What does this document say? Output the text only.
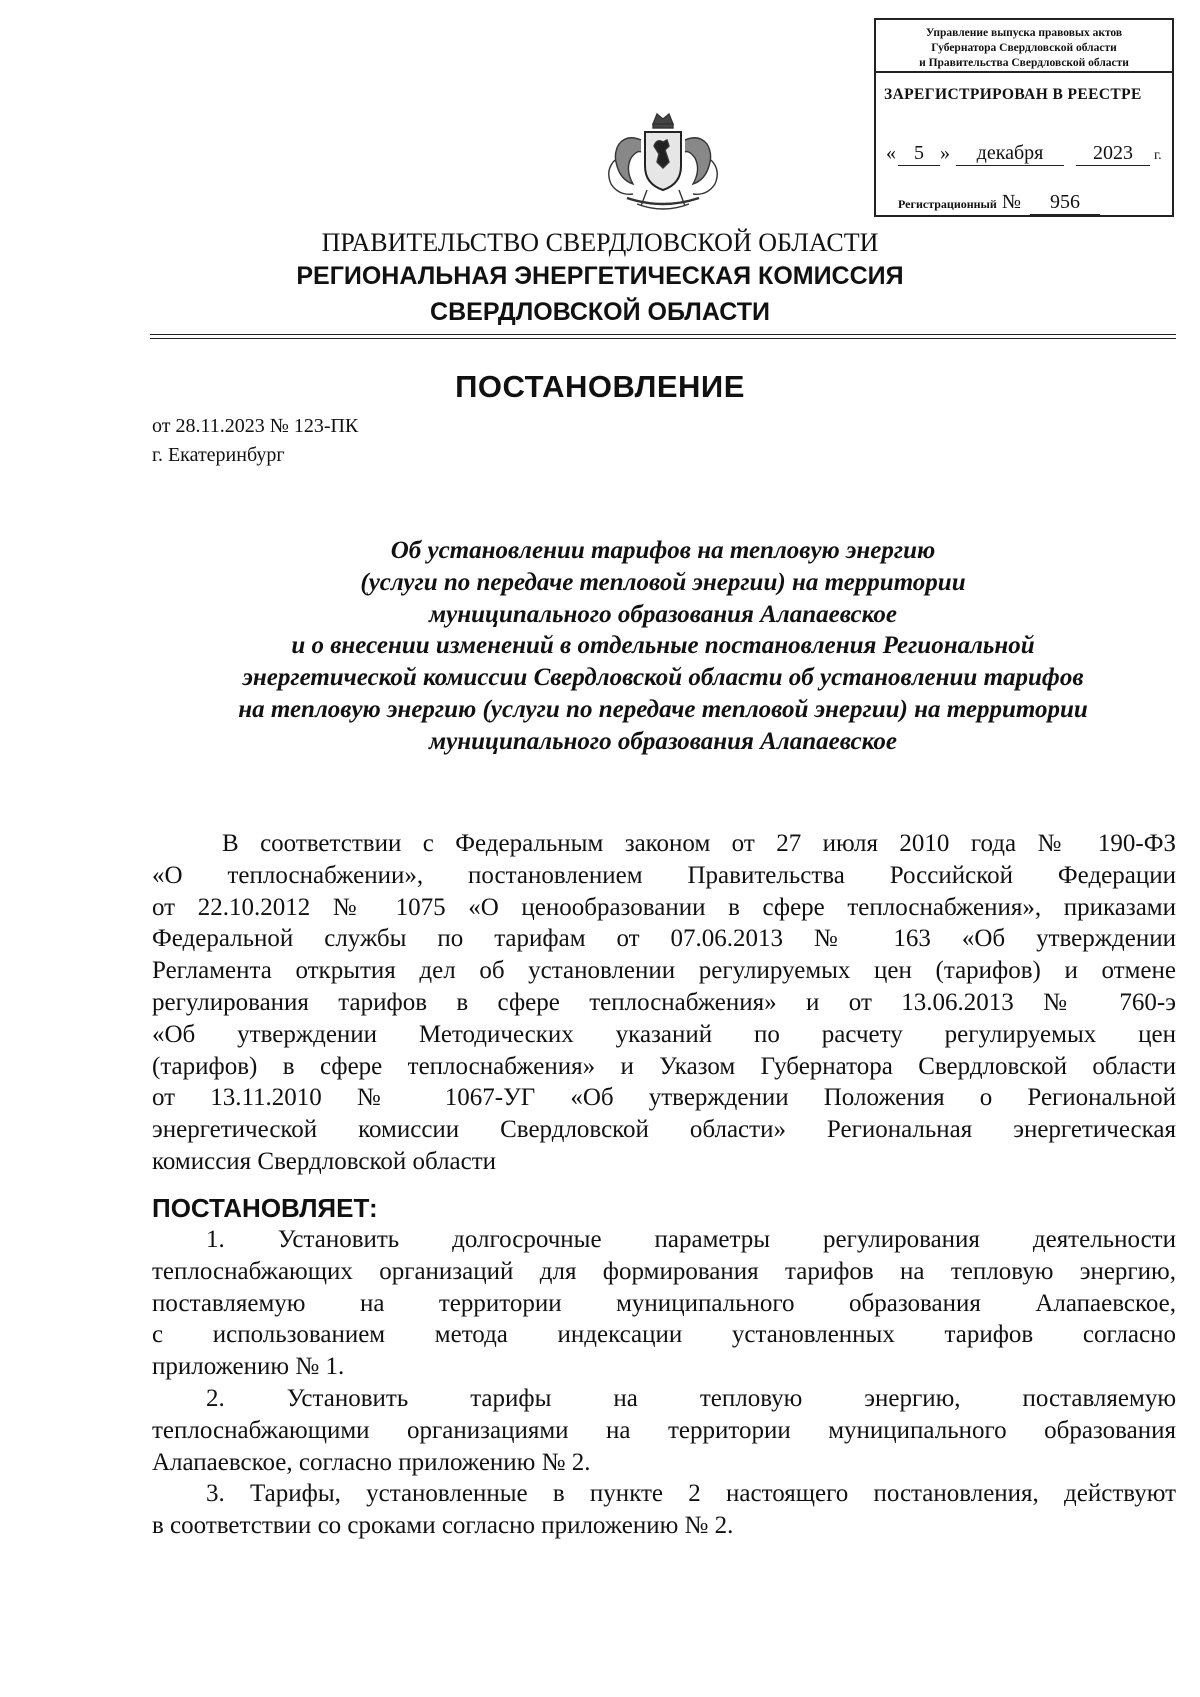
Управление выпуска правовых актов
Губернатора Свердловской области
и Правительства Свердловской области
ЗАРЕГИСТРИРОВАН В РЕЕСТРЕ
« 5 »	декабря	2023	г.
Регистрационный № 956
ПРАВИТЕЛЬСТВО СВЕРДЛОВСКОЙ ОБЛАСТИ
РЕГИОНАЛЬНАЯ ЭНЕРГЕТИЧЕСКАЯ КОМИССИЯ
СВЕРДЛОВСКОЙ ОБЛАСТИ
ПОСТАНОВЛЕНИЕ
от 28.11.2023 № 123-ПК
г. Екатеринбург
Об установлении тарифов на тепловую энергию
(услуги по передаче тепловой энергии) на территории
муниципального образования Алапаевское
и о внесении изменений в отдельные постановления Региональной
энергетической комиссии Свердловской области об установлении тарифов
на тепловую энергию (услуги по передаче тепловой энергии) на территории
муниципального образования Алапаевское
В соответствии с Федеральным законом от 27 июля 2010 года № 190-ФЗ
«О теплоснабжении», постановлением Правительства Российской Федерации
от 22.10.2012 № 1075 «О ценообразовании в сфере теплоснабжения», приказами
Федеральной службы по тарифам от 07.06.2013 № 163 «Об утверждении
Регламента открытия дел об установлении регулируемых цен (тарифов) и отмене
регулирования тарифов в сфере теплоснабжения» и от 13.06.2013 № 760-э
«Об утверждении Методических указаний по расчету регулируемых цен
(тарифов) в сфере теплоснабжения» и Указом Губернатора Свердловской области
от 13.11.2010 № 1067-УГ «Об утверждении Положения о Региональной
энергетической комиссии Свердловской области» Региональная энергетическая
комиссия Свердловской области
ПОСТАНОВЛЯЕТ:
1. Установить долгосрочные параметры регулирования деятельности
теплоснабжающих организаций для формирования тарифов на тепловую энергию,
поставляемую на территории муниципального образования Алапаевское,
с использованием метода индексации установленных тарифов согласно
приложению № 1.
2. Установить тарифы на тепловую энергию, поставляемую
теплоснабжающими организациями на территории муниципального образования
Алапаевское, согласно приложению № 2.
3. Тарифы, установленные в пункте 2 настоящего постановления, действуют
в соответствии со сроками согласно приложению № 2.
